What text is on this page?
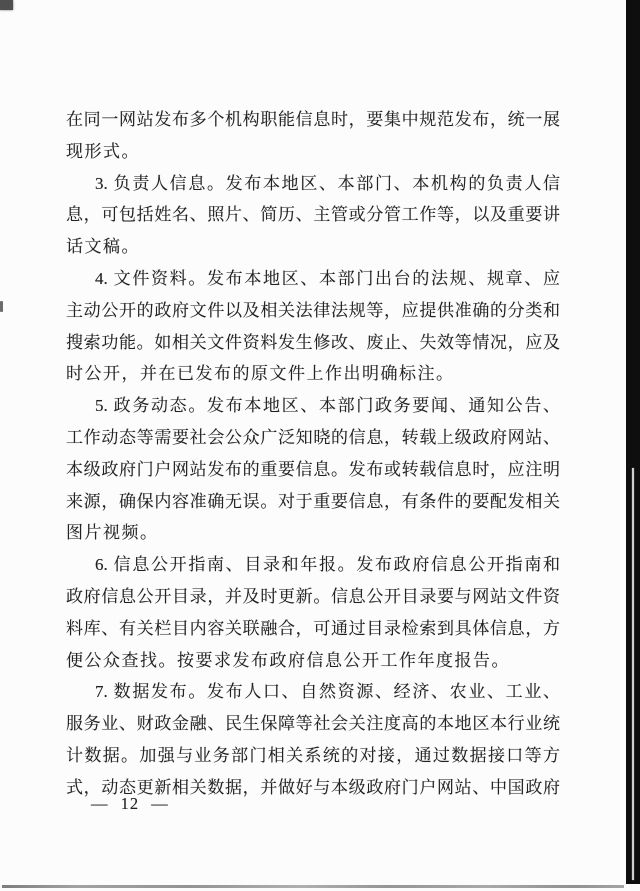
在同一网站发布多个机构职能信息时，要集中规范发布，统一展
现形式。
3. 负责人信息。发布本地区、本部门、本机构的负责人信
息，可包括姓名、照片、简历、主管或分管工作等，以及重要讲
话文稿。
4. 文件资料。发布本地区、本部门出台的法规、规章、应
主动公开的政府文件以及相关法律法规等，应提供准确的分类和
搜索功能。如相关文件资料发生修改、废止、失效等情况，应及
时公开，并在已发布的原文件上作出明确标注。
5. 政务动态。发布本地区、本部门政务要闻、通知公告、
工作动态等需要社会公众广泛知晓的信息，转载上级政府网站、
本级政府门户网站发布的重要信息。发布或转载信息时，应注明
来源，确保内容准确无误。对于重要信息，有条件的要配发相关
图片视频。
6. 信息公开指南、目录和年报。发布政府信息公开指南和
政府信息公开目录，并及时更新。信息公开目录要与网站文件资
料库、有关栏目内容关联融合，可通过目录检索到具体信息，方
便公众查找。按要求发布政府信息公开工作年度报告。
7. 数据发布。发布人口、自然资源、经济、农业、工业、
服务业、财政金融、民生保障等社会关注度高的本地区本行业统
计数据。加强与业务部门相关系统的对接，通过数据接口等方
式，动态更新相关数据，并做好与本级政府门户网站、中国政府
— 12 —
